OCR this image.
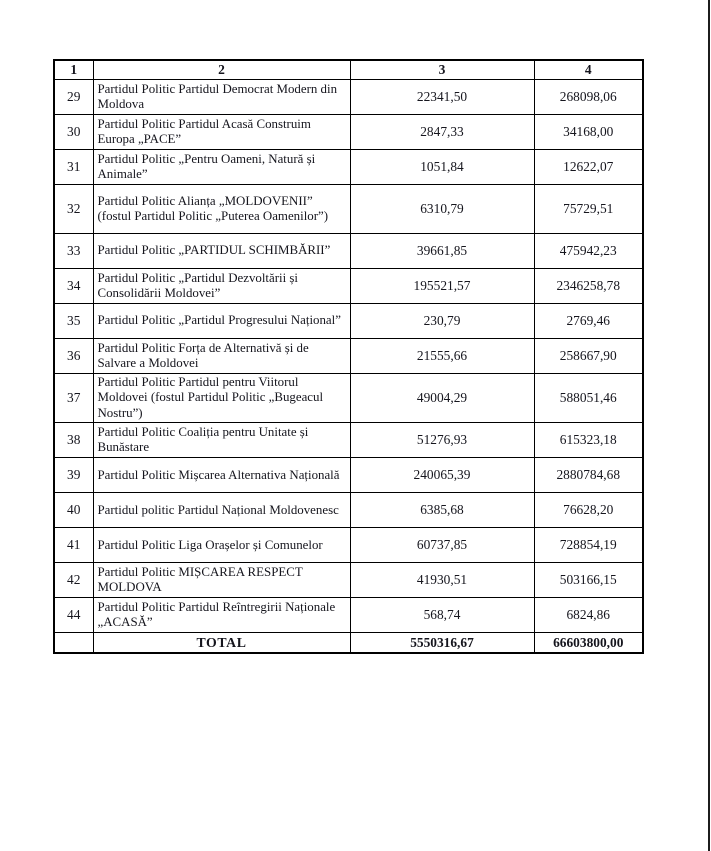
1	2	3	4
29	Partidul Politic Partidul Democrat Modern din Moldova	22341,50	268098,06
30	Partidul Politic Partidul Acasă Construim Europa „PACE”	2847,33	34168,00
31	Partidul Politic „Pentru Oameni, Natură și Animale”	1051,84	12622,07
32	Partidul Politic Alianța „MOLDOVENII” (fostul Partidul Politic „Puterea Oamenilor”)	6310,79	75729,51
33	Partidul Politic „PARTIDUL SCHIMBĂRII”	39661,85	475942,23
34	Partidul Politic „Partidul Dezvoltării și Consolidării Moldovei”	195521,57	2346258,78
35	Partidul Politic „Partidul Progresului Național”	230,79	2769,46
36	Partidul Politic Forța de Alternativă și de Salvare a Moldovei	21555,66	258667,90
37	Partidul Politic Partidul pentru Viitorul Moldovei (fostul Partidul Politic „Bugeacul Nostru”)	49004,29	588051,46
38	Partidul Politic Coaliția pentru Unitate și Bunăstare	51276,93	615323,18
39	Partidul Politic Mișcarea Alternativa Națională	240065,39	2880784,68
40	Partidul politic Partidul Național Moldovenesc	6385,68	76628,20
41	Partidul Politic Liga Orașelor și Comunelor	60737,85	728854,19
42	Partidul Politic MIȘCAREA RESPECT MOLDOVA	41930,51	503166,15
44	Partidul Politic Partidul Reîntregirii Naționale „ACASĂ”	568,74	6824,86
	TOTAL	5550316,67	66603800,00
